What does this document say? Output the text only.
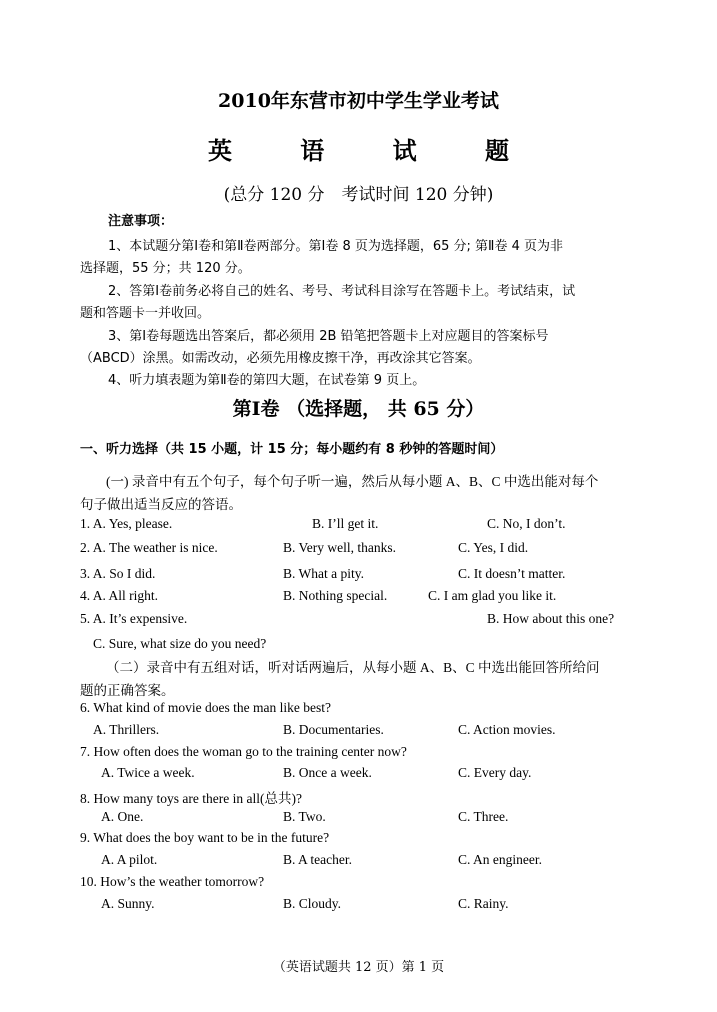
2010年东营市初中学生学业考试
英 语 试 题
(总分 120 分　考试时间 120 分钟)
注意事项：
1、本试题分第Ⅰ卷和第Ⅱ卷两部分。第Ⅰ卷 8 页为选择题，65 分; 第Ⅱ卷 4 页为非
选择题，55 分；共 120 分。
2、答第Ⅰ卷前务必将自己的姓名、考号、考试科目涂写在答题卡上。考试结束，试
题和答题卡一并收回。
3、第Ⅰ卷每题选出答案后，都必须用 2B 铅笔把答题卡上对应题目的答案标号
（ABCD）涂黑。如需改动，必须先用橡皮擦干净，再改涂其它答案。
4、听力填表题为第Ⅱ卷的第四大题，在试卷第 9 页上。
第Ⅰ卷 （选择题， 共 65 分）
一、听力选择（共 15 小题，计 15 分；每小题约有 8 秒钟的答题时间）
(一) 录音中有五个句子，每个句子听一遍，然后从每小题 A、B、C 中选出能对每个
句子做出适当反应的答语。
1. A. Yes, please.	B. I’ll get it.	C. No, I don’t.
2. A. The weather is nice.	B. Very well, thanks.	C. Yes, I did.
3. A. So I did.	B. What a pity.	C. It doesn’t matter.
4. A. All right.	B. Nothing special.	C. I am glad you like it.
5. A. It’s expensive.	B. How about this one?
C. Sure, what size do you need?
（二）录音中有五组对话，听对话两遍后，从每小题 A、B、C 中选出能回答所给问
题的正确答案。
6. What kind of movie does the man like best?
A. Thrillers.	B. Documentaries.	C. Action movies.
7. How often does the woman go to the training center now?
A. Twice a week.	B. Once a week.	C. Every day.
8. How many toys are there in all(总共)?
A. One.	B. Two.	C. Three.
9. What does the boy want to be in the future?
A. A pilot.	B. A teacher.	C. An engineer.
10. How’s the weather tomorrow?
A. Sunny.	B. Cloudy.	C. Rainy.
（英语试题共 12 页）第 1 页
